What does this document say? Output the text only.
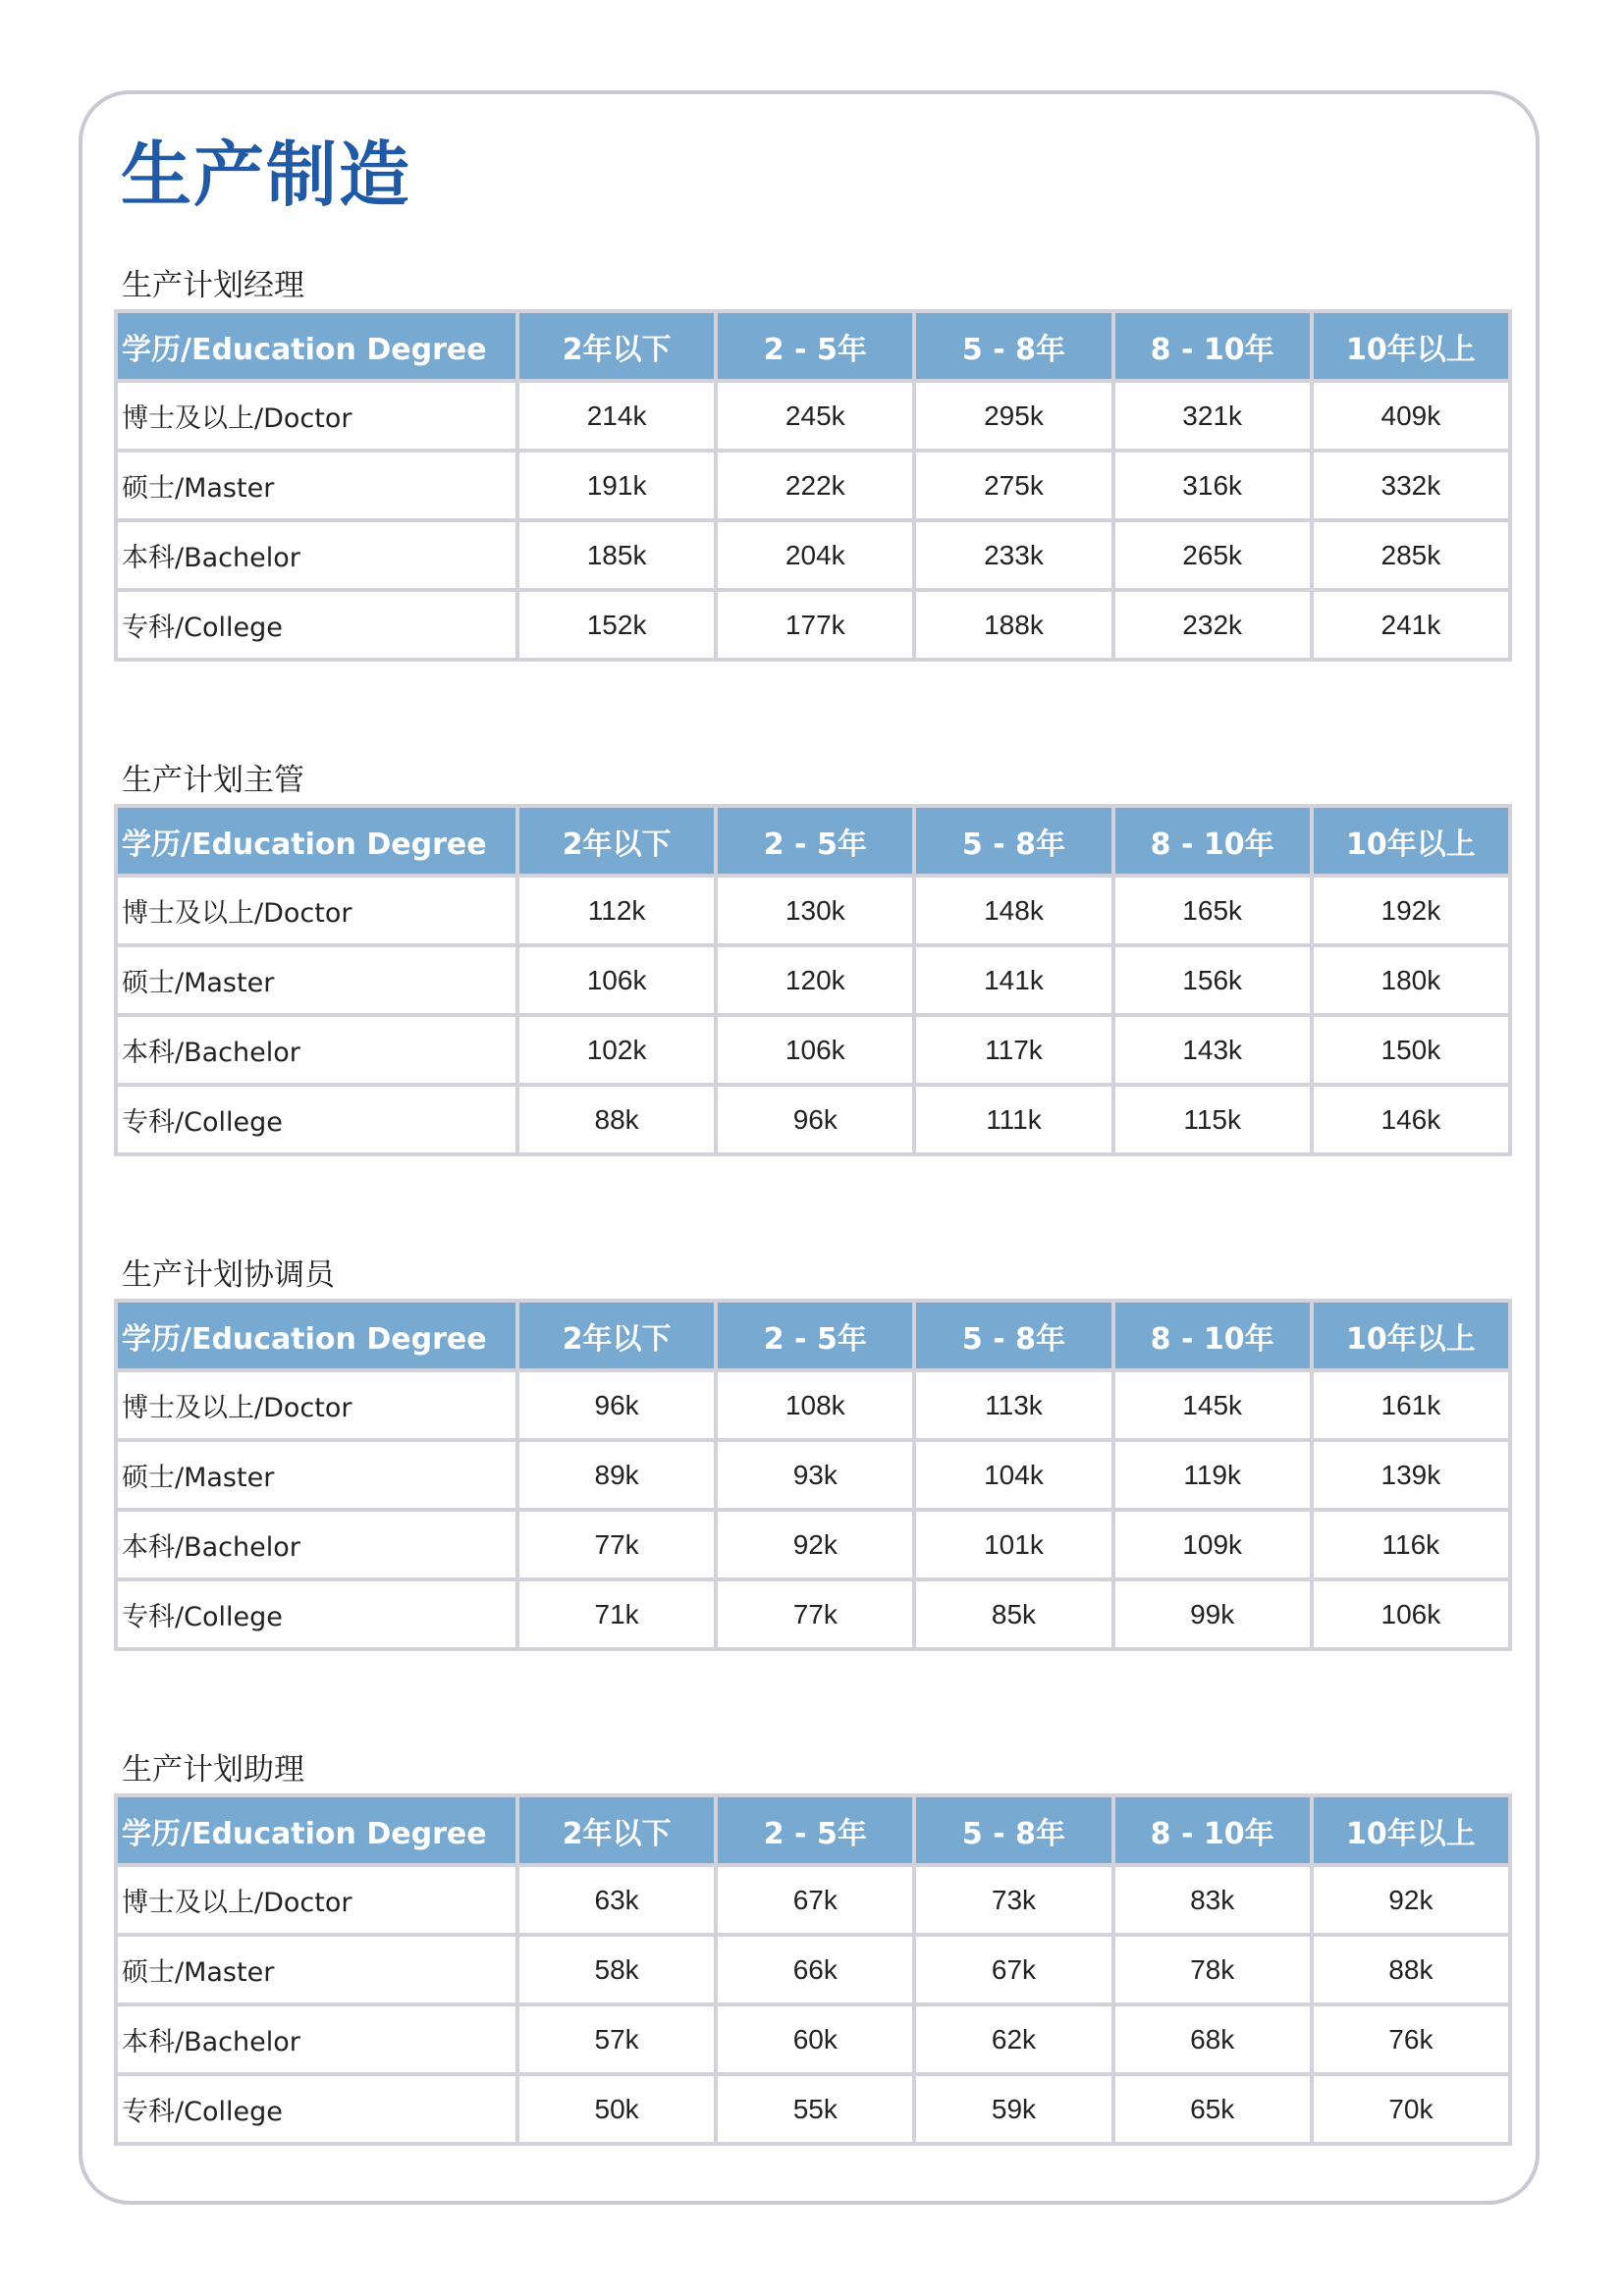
生产制造
生产计划经理
学历/Education Degree	2年以下	2 - 5年	5 - 8年	8 - 10年	10年以上
博士及以上/Doctor	214k	245k	295k	321k	409k
硕士/Master	191k	222k	275k	316k	332k
本科/Bachelor	185k	204k	233k	265k	285k
专科/College	152k	177k	188k	232k	241k
生产计划主管
学历/Education Degree	2年以下	2 - 5年	5 - 8年	8 - 10年	10年以上
博士及以上/Doctor	112k	130k	148k	165k	192k
硕士/Master	106k	120k	141k	156k	180k
本科/Bachelor	102k	106k	117k	143k	150k
专科/College	88k	96k	111k	115k	146k
生产计划协调员
学历/Education Degree	2年以下	2 - 5年	5 - 8年	8 - 10年	10年以上
博士及以上/Doctor	96k	108k	113k	145k	161k
硕士/Master	89k	93k	104k	119k	139k
本科/Bachelor	77k	92k	101k	109k	116k
专科/College	71k	77k	85k	99k	106k
生产计划助理
学历/Education Degree	2年以下	2 - 5年	5 - 8年	8 - 10年	10年以上
博士及以上/Doctor	63k	67k	73k	83k	92k
硕士/Master	58k	66k	67k	78k	88k
本科/Bachelor	57k	60k	62k	68k	76k
专科/College	50k	55k	59k	65k	70k
